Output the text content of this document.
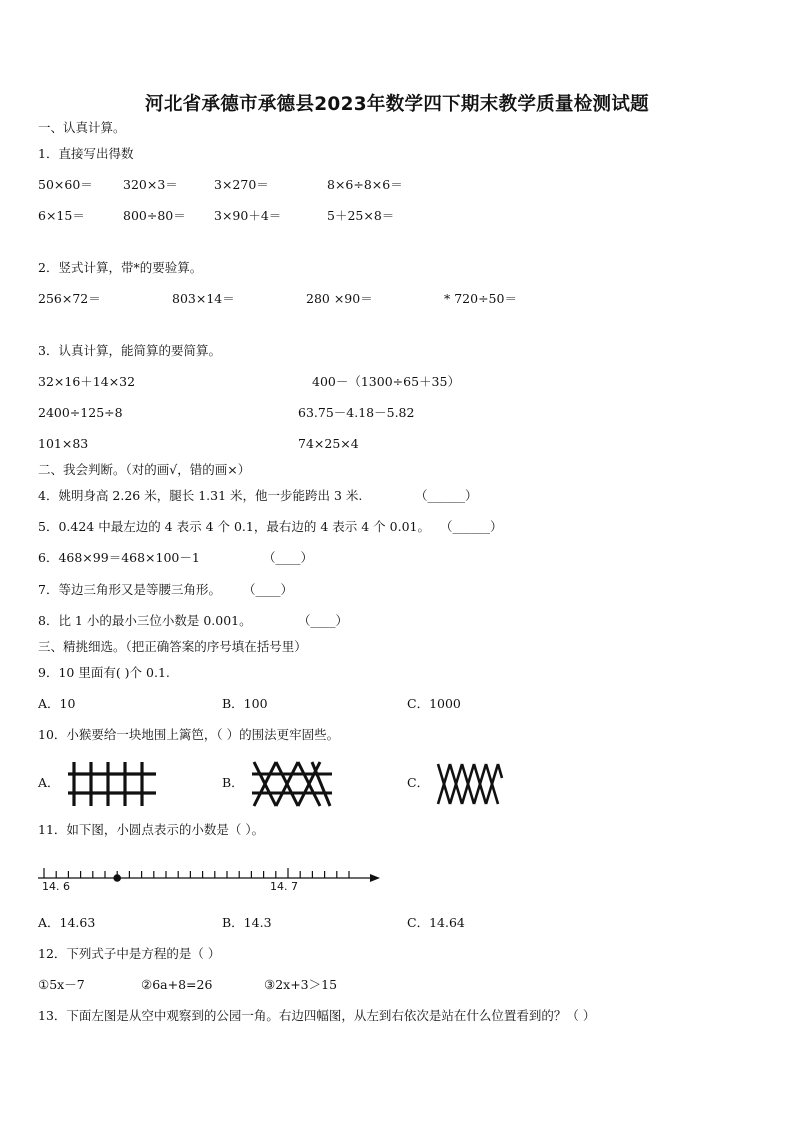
河北省承德市承德县2023年数学四下期末教学质量检测试题
一、认真计算。
1．直接写出得数
50×60＝ 320×3＝	3×270＝	8×6÷8×6＝
6×15＝	800÷80＝ 3×90＋4＝	5＋25×8＝
2．竖式计算，带*的要验算。
256×72＝	803×14＝	280 ×90＝	* 720÷50＝
3．认真计算，能简算的要简算。
32×16＋14×32	400－（1300÷65＋35）
2400÷125÷8	63.75－4.18－5.82
101×83	74×25×4
二、我会判断。（对的画√，错的画×）
4．姚明身高 2.26 米，腿长 1.31 米，他一步能跨出 3 米.	（______）
5．0.424 中最左边的 4 表示 4 个 0.1，最右边的 4 表示 4 个 0.01。 （______）
6．468×99＝468×100－1	（____）
7．等边三角形又是等腰三角形。 （____）
8．比 1 小的最小三位小数是 0.001。	（____）
三、精挑细选。（把正确答案的序号填在括号里）
9．10 里面有( )个 0.1.
A．10	B．100	C．1000
10．小猴要给一块地围上篱笆，（ ）的围法更牢固些。
A．	B．	C．
11．如下图，小圆点表示的小数是（ ）。
14. 6	14. 7
A．14.63	B．14.3	C．14.64
12．下列式子中是方程的是（ ）
①5x－7	②6a+8=26	③2x+3＞15
13．下面左图是从空中观察到的公园一角。右边四幅图，从左到右依次是站在什么位置看到的？（ ）
